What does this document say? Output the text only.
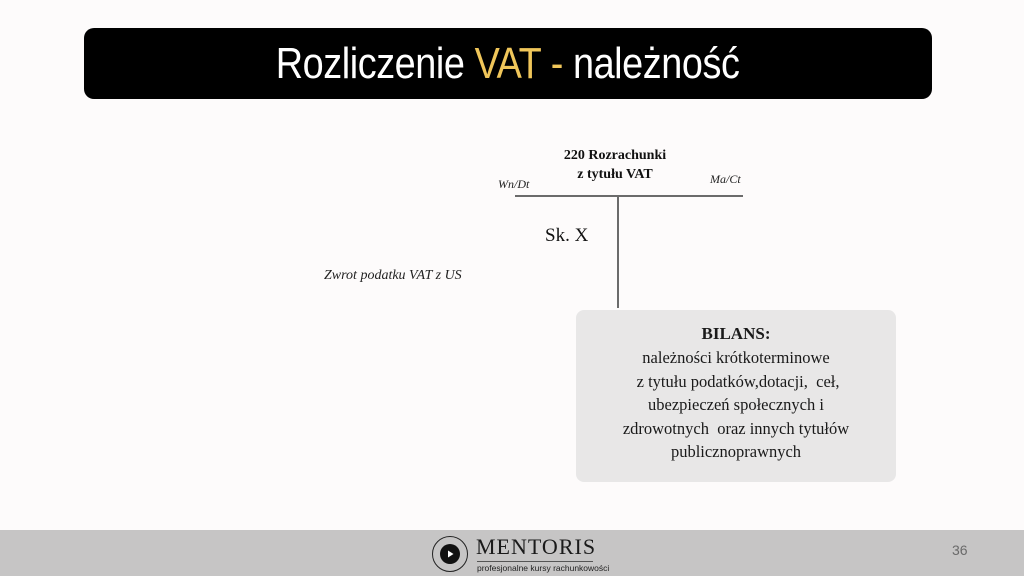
Rozliczenie VAT - należność
220 Rozrachunki
z tytułu VAT
Wn/Dt	Ma/Ct
Sk. X
Zwrot podatku VAT z US
BILANS:
należności krótkoterminowe
z tytułu podatków,dotacji,  ceł,
ubezpieczeń społecznych i
zdrowotnych  oraz innych tytułów
publicznoprawnych
MENTORIS
profesjonalne kursy rachunkowości
36
